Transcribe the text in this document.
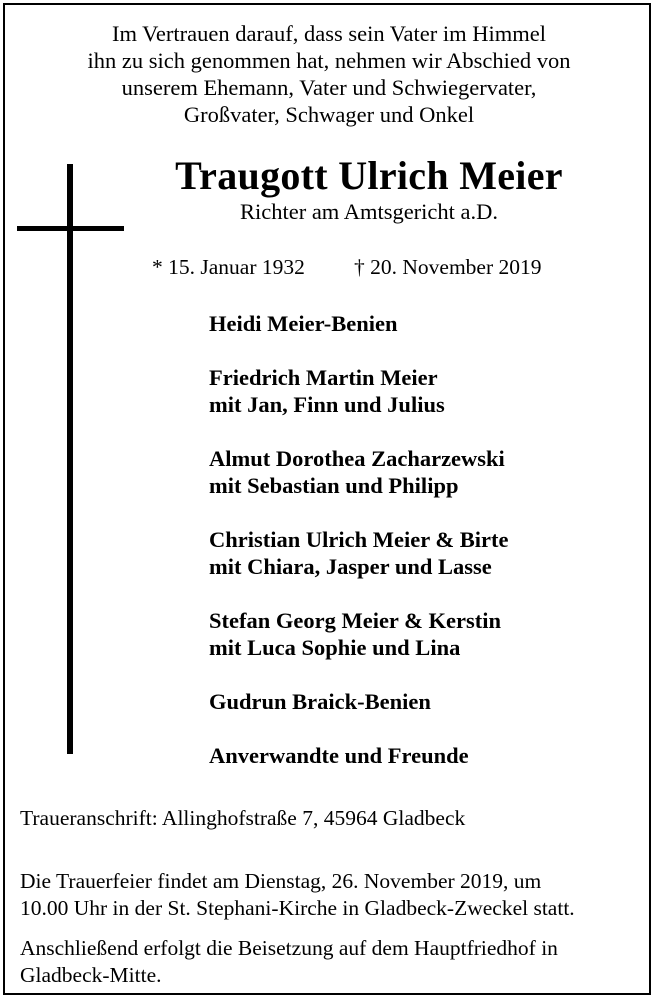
Im Vertrauen darauf, dass sein Vater im Himmel
ihn zu sich genommen hat, nehmen wir Abschied von
unserem Ehemann, Vater und Schwiegervater,
Großvater, Schwager und Onkel
Traugott Ulrich Meier
Richter am Amtsgericht a.D.
* 15. Januar 1932 † 20. November 2019
Heidi Meier-Benien
Friedrich Martin Meier
mit Jan, Finn und Julius
Almut Dorothea Zacharzewski
mit Sebastian und Philipp
Christian Ulrich Meier & Birte
mit Chiara, Jasper und Lasse
Stefan Georg Meier & Kerstin
mit Luca Sophie und Lina
Gudrun Braick-Benien
Anverwandte und Freunde
Traueranschrift: Allinghofstraße 7, 45964 Gladbeck
Die Trauerfeier findet am Dienstag, 26. November 2019, um
10.00 Uhr in der St. Stephani-Kirche in Gladbeck-Zweckel statt.
Anschließend erfolgt die Beisetzung auf dem Hauptfriedhof in
Gladbeck-Mitte.
